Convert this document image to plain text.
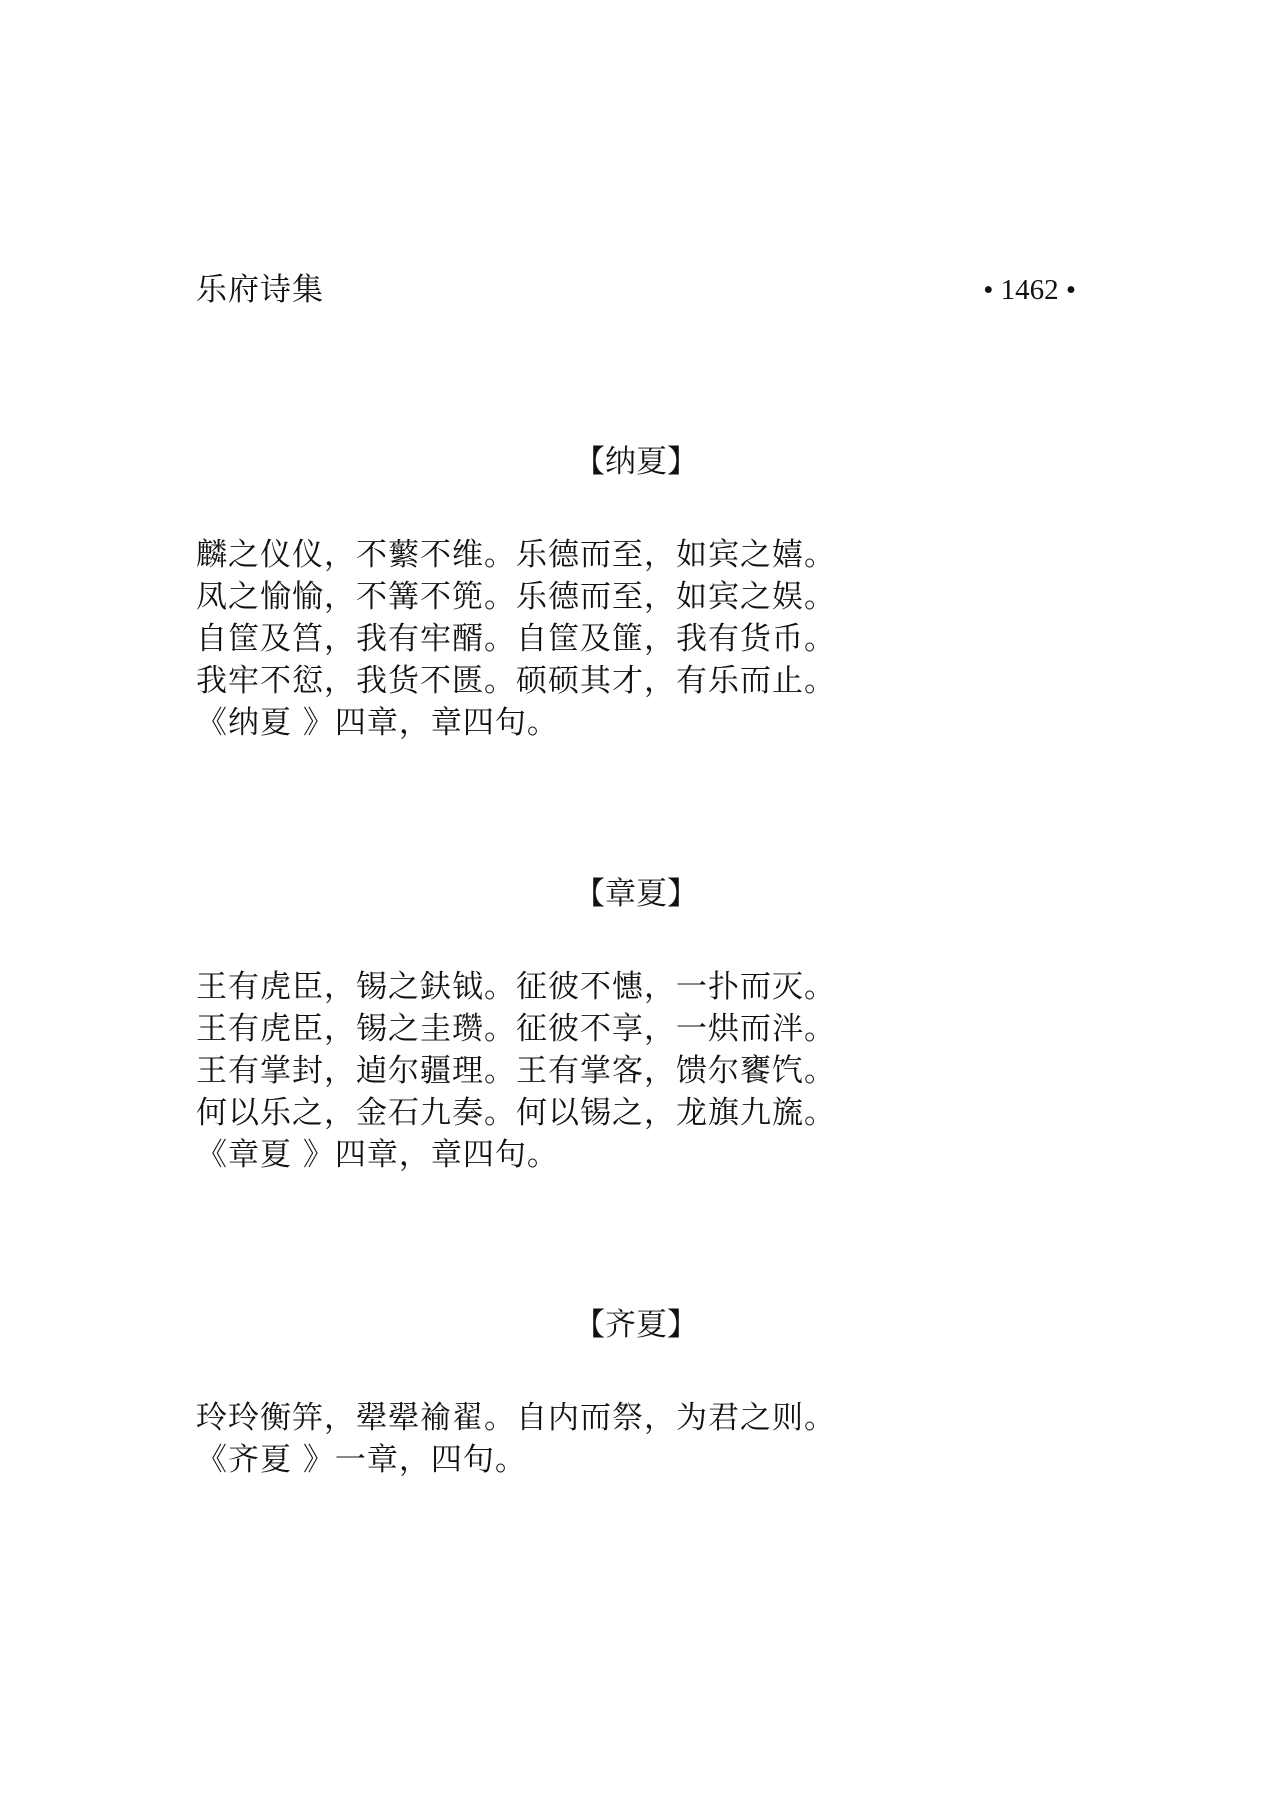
乐府诗集	• 1462 •
【纳夏】
麟之仪仪，不蘩不维。乐德而至，如宾之嬉。
凤之愉愉，不篝不篼。乐德而至，如宾之娱。
自筐及筥，我有牢醑。自筐及篚，我有货币。
我牢不愆，我货不匮。硕硕其才，有乐而止。
《纳夏 》四章，章四句。
【章夏】
王有虎臣，锡之鈇钺。征彼不憓，一扑而灭。
王有虎臣，锡之圭瓒。征彼不享，一烘而泮。
王有掌封，逌尔疆理。王有掌客，馈尔饔饩。
何以乐之，金石九奏。何以锡之，龙旗九旒。
《章夏 》四章，章四句。
【齐夏】
玲玲衡笄，翚翚褕翟。自内而祭，为君之则。
《齐夏 》一章，四句。
